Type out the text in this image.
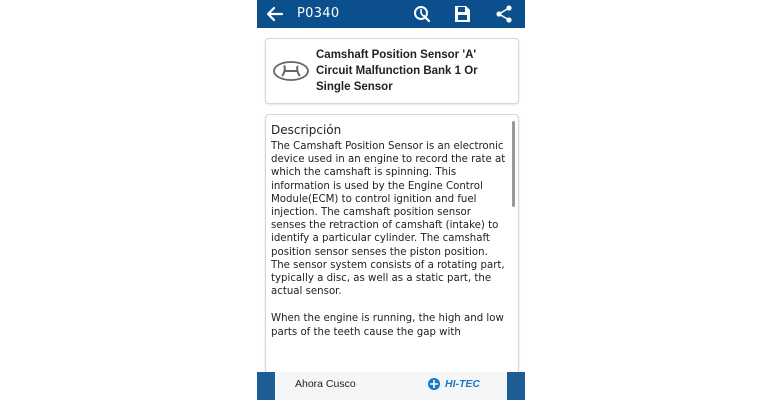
P0340
Camshaft Position Sensor 'A' Circuit Malfunction Bank 1 Or Single Sensor
Descripción

The Camshaft Position Sensor is an electronic device used in an engine to record the rate at which the camshaft is spinning. This information is used by the Engine Control Module(ECM) to control ignition and fuel injection. The camshaft position sensor senses the retraction of camshaft (intake) to identify a particular cylinder. The camshaft position sensor senses the piston position. The sensor system consists of a rotating part, typically a disc, as well as a static part, the actual sensor.

When the engine is running, the high and low parts of the teeth cause the gap with

Ahora Cusco	HI-TEC
